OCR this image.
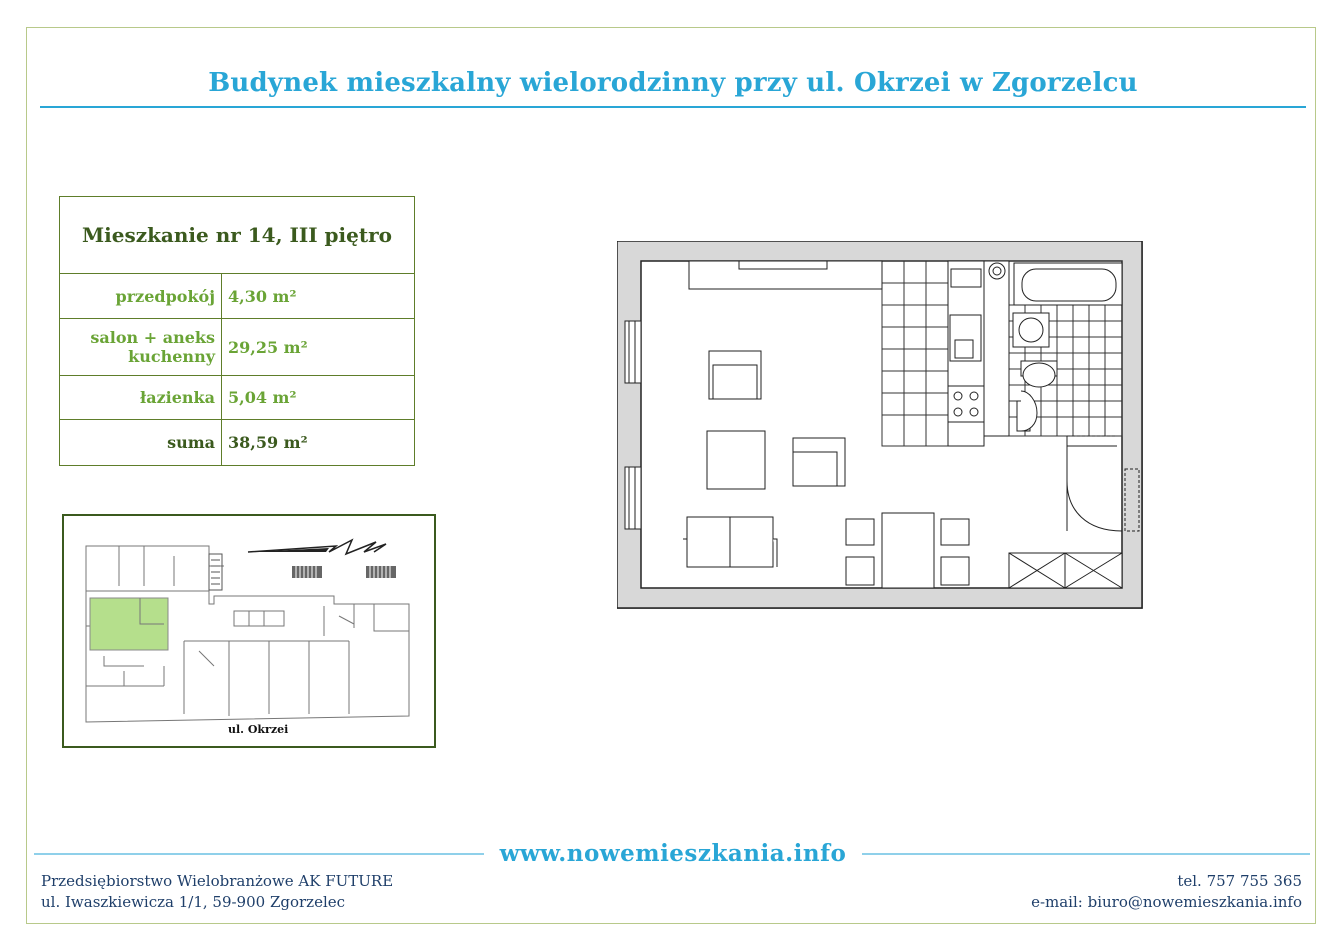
Budynek mieszkalny wielorodzinny przy ul. Okrzei w Zgorzelcu
Mieszkanie nr 14, III piętro	
przedpokój	4,30 m²
salon + aneks
kuchenny	29,25 m²
łazienka	5,04 m²
suma	38,59 m²
ul. Okrzei
www.nowemieszkania.info
Przedsiębiorstwo Wielobranżowe AK FUTURE
ul. Iwaszkiewicza 1/1, 59-900 Zgorzelec
tel. 757 755 365
e-mail: biuro@nowemieszkania.info
